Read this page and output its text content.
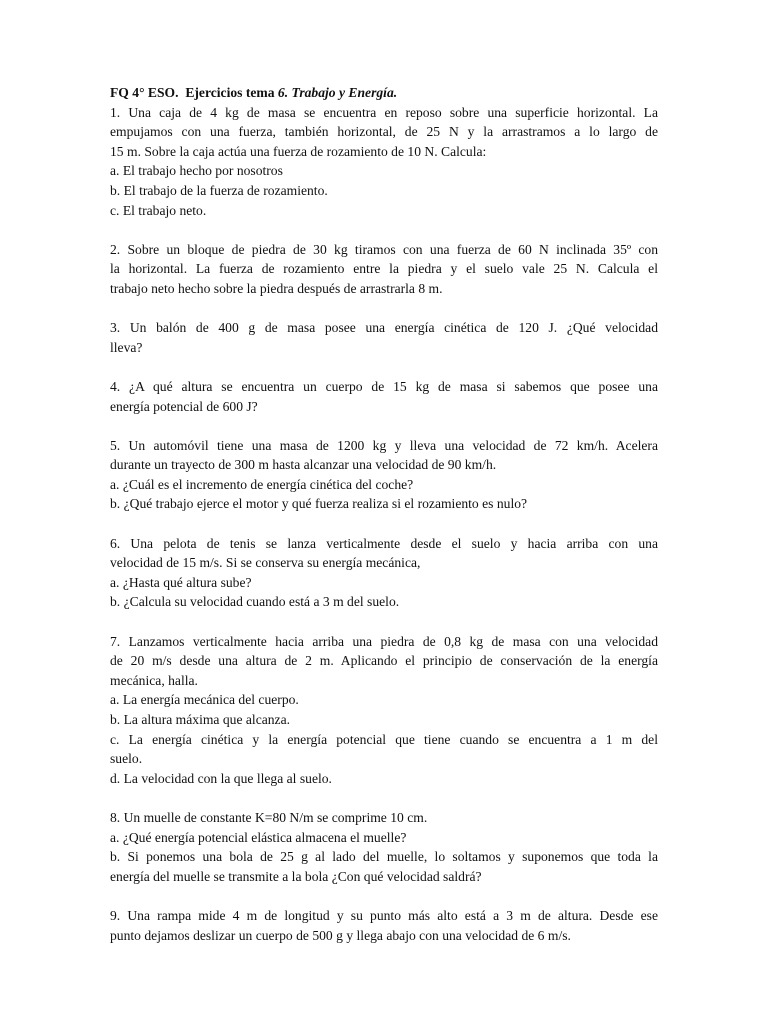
FQ 4° ESO. Ejercicios tema 6. Trabajo y Energía.
1. Una caja de 4 kg de masa se encuentra en reposo sobre una superficie horizontal. La
empujamos con una fuerza, también horizontal, de 25 N y la arrastramos a lo largo de
15 m. Sobre la caja actúa una fuerza de rozamiento de 10 N. Calcula:
a. El trabajo hecho por nosotros
b. El trabajo de la fuerza de rozamiento.
c. El trabajo neto.
2. Sobre un bloque de piedra de 30 kg tiramos con una fuerza de 60 N inclinada 35º con
la horizontal. La fuerza de rozamiento entre la piedra y el suelo vale 25 N. Calcula el
trabajo neto hecho sobre la piedra después de arrastrarla 8 m.
3. Un balón de 400 g de masa posee una energía cinética de 120 J. ¿Qué velocidad
lleva?
4. ¿A qué altura se encuentra un cuerpo de 15 kg de masa si sabemos que posee una
energía potencial de 600 J?
5. Un automóvil tiene una masa de 1200 kg y lleva una velocidad de 72 km/h. Acelera
durante un trayecto de 300 m hasta alcanzar una velocidad de 90 km/h.
a. ¿Cuál es el incremento de energía cinética del coche?
b. ¿Qué trabajo ejerce el motor y qué fuerza realiza si el rozamiento es nulo?
6. Una pelota de tenis se lanza verticalmente desde el suelo y hacia arriba con una
velocidad de 15 m/s. Si se conserva su energía mecánica,
a. ¿Hasta qué altura sube?
b. ¿Calcula su velocidad cuando está a 3 m del suelo.
7. Lanzamos verticalmente hacia arriba una piedra de 0,8 kg de masa con una velocidad
de 20 m/s desde una altura de 2 m. Aplicando el principio de conservación de la energía
mecánica, halla.
a. La energía mecánica del cuerpo.
b. La altura máxima que alcanza.
c. La energía cinética y la energía potencial que tiene cuando se encuentra a 1 m del
suelo.
d. La velocidad con la que llega al suelo.
8. Un muelle de constante K=80 N/m se comprime 10 cm.
a. ¿Qué energía potencial elástica almacena el muelle?
b. Si ponemos una bola de 25 g al lado del muelle, lo soltamos y suponemos que toda la
energía del muelle se transmite a la bola ¿Con qué velocidad saldrá?
9. Una rampa mide 4 m de longitud y su punto más alto está a 3 m de altura. Desde ese
punto dejamos deslizar un cuerpo de 500 g y llega abajo con una velocidad de 6 m/s.
